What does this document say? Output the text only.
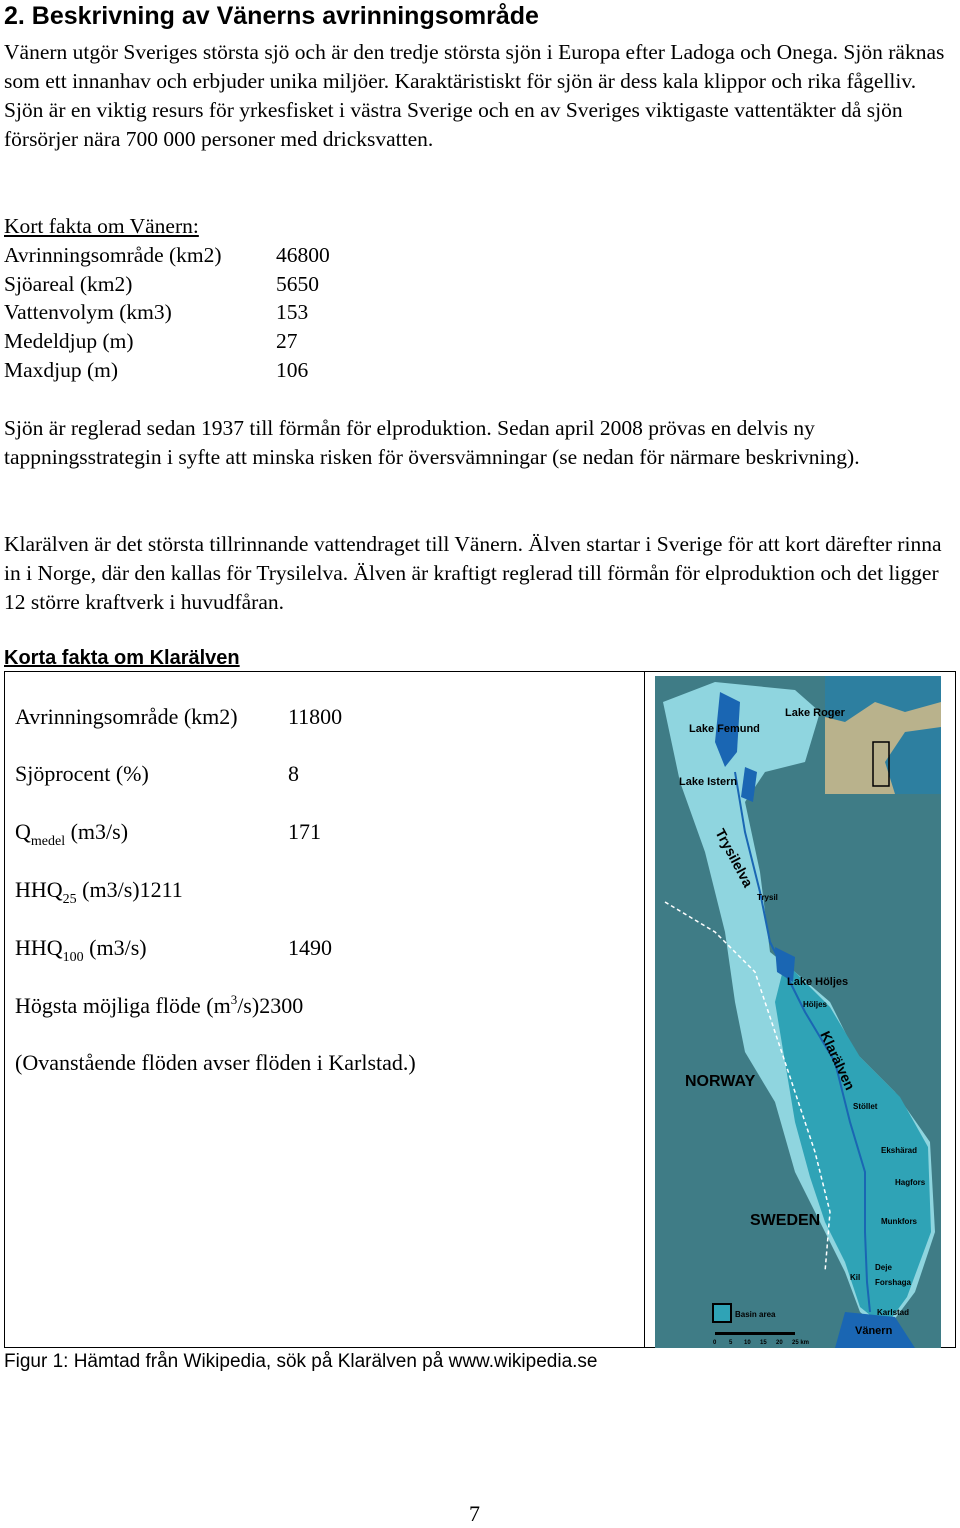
2. Beskrivning av Vänerns avrinningsområde

Vänern utgör Sveriges största sjö och är den tredje största sjön i Europa efter Ladoga och Onega. Sjön räknas som ett innanhav och erbjuder unika miljöer. Karaktäristiskt för sjön är dess kala klippor och rika fågelliv. Sjön är en viktig resurs för yrkesfisket i västra Sverige och en av Sveriges viktigaste vattentäkter då sjön försörjer nära 700 000 personer med dricksvatten.

Kort fakta om Vänern:
Avrinningsområde (km2)	46800
Sjöareal (km2)	5650
Vattenvolym (km3)	153
Medeldjup (m)	27
Maxdjup (m)	106

Sjön är reglerad sedan 1937 till förmån för elproduktion. Sedan april 2008 prövas en delvis ny tappningsstrategin i syfte att minska risken för översvämningar (se nedan för närmare beskrivning).

Klarälven är det största tillrinnande vattendraget till Vänern. Älven startar i Sverige för att kort därefter rinna in i Norge, där den kallas för Trysilelva. Älven är kraftigt reglerad till förmån för elproduktion och det ligger 12 större kraftverk i huvudfåran.

Korta fakta om Klarälven
Avrinningsområde (km2) 11800
Sjöprocent (%)	8
$Q_{medel}$ (m3/s)	171
$HHQ_{25}$ (m3/s)1211
$HHQ_{100}$ (m3/s)	1490
Högsta möjliga flöde $(m^3/s)2300$
(Ovanstående flöden avser flöden i Karlstad.)
Lake Femund
Lake Roger
Lake Istern
Trysilelva
Trysil
Lake Höljes
Höljes
Klarälven
NORWAY
Stöllet
Ekshärad
Hagfors
SWEDEN	Munkfors
Deje
Kil
Forshaga
Karlstad
Vänern
Basin area
0 5 10 15 20 25 km
Figur 1: Hämtad från Wikipedia, sök på Klarälven på www.wikipedia.se
7
